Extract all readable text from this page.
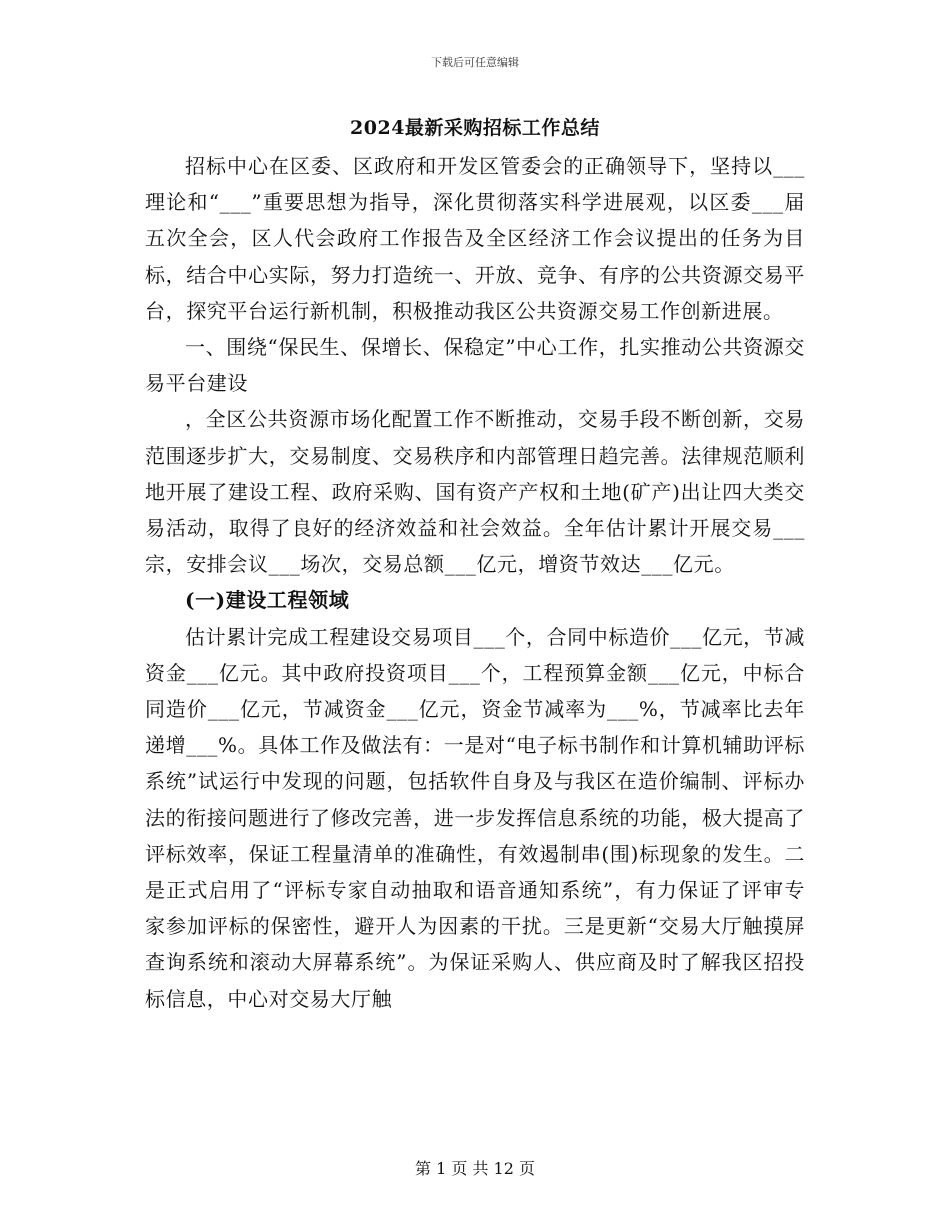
下载后可任意编辑
2024最新采购招标工作总结

招标中心在区委、区政府和开发区管委会的正确领导下，坚持以___理论和“___”重要思想为指导，深化贯彻落实科学进展观，以区委___届五次全会，区人代会政府工作报告及全区经济工作会议提出的任务为目标，结合中心实际，努力打造统一、开放、竞争、有序的公共资源交易平台，探究平台运行新机制，积极推动我区公共资源交易工作创新进展。

一、围绕“保民生、保增长、保稳定”中心工作，扎实推动公共资源交易平台建设

，全区公共资源市场化配置工作不断推动，交易手段不断创新，交易范围逐步扩大，交易制度、交易秩序和内部管理日趋完善。法律规范顺利地开展了建设工程、政府采购、国有资产产权和土地(矿产)出让四大类交易活动，取得了良好的经济效益和社会效益。全年估计累计开展交易___宗，安排会议___场次，交易总额___亿元，增资节效达___亿元。

(一)建设工程领域

估计累计完成工程建设交易项目___个，合同中标造价___亿元，节减资金___亿元。其中政府投资项目___个，工程预算金额___亿元，中标合同造价___亿元，节减资金___亿元，资金节减率为___%，节减率比去年递增___%。具体工作及做法有：一是对“电子标书制作和计算机辅助评标系统”试运行中发现的问题，包括软件自身及与我区在造价编制、评标办法的衔接问题进行了修改完善，进一步发挥信息系统的功能，极大提高了评标效率，保证工程量清单的准确性，有效遏制串(围)标现象的发生。二是正式启用了“评标专家自动抽取和语音通知系统”，有力保证了评审专家参加评标的保密性，避开人为因素的干扰。三是更新“交易大厅触摸屏查询系统和滚动大屏幕系统”。为保证采购人、供应商及时了解我区招投标信息，中心对交易大厅触

第 1 页 共 12 页
